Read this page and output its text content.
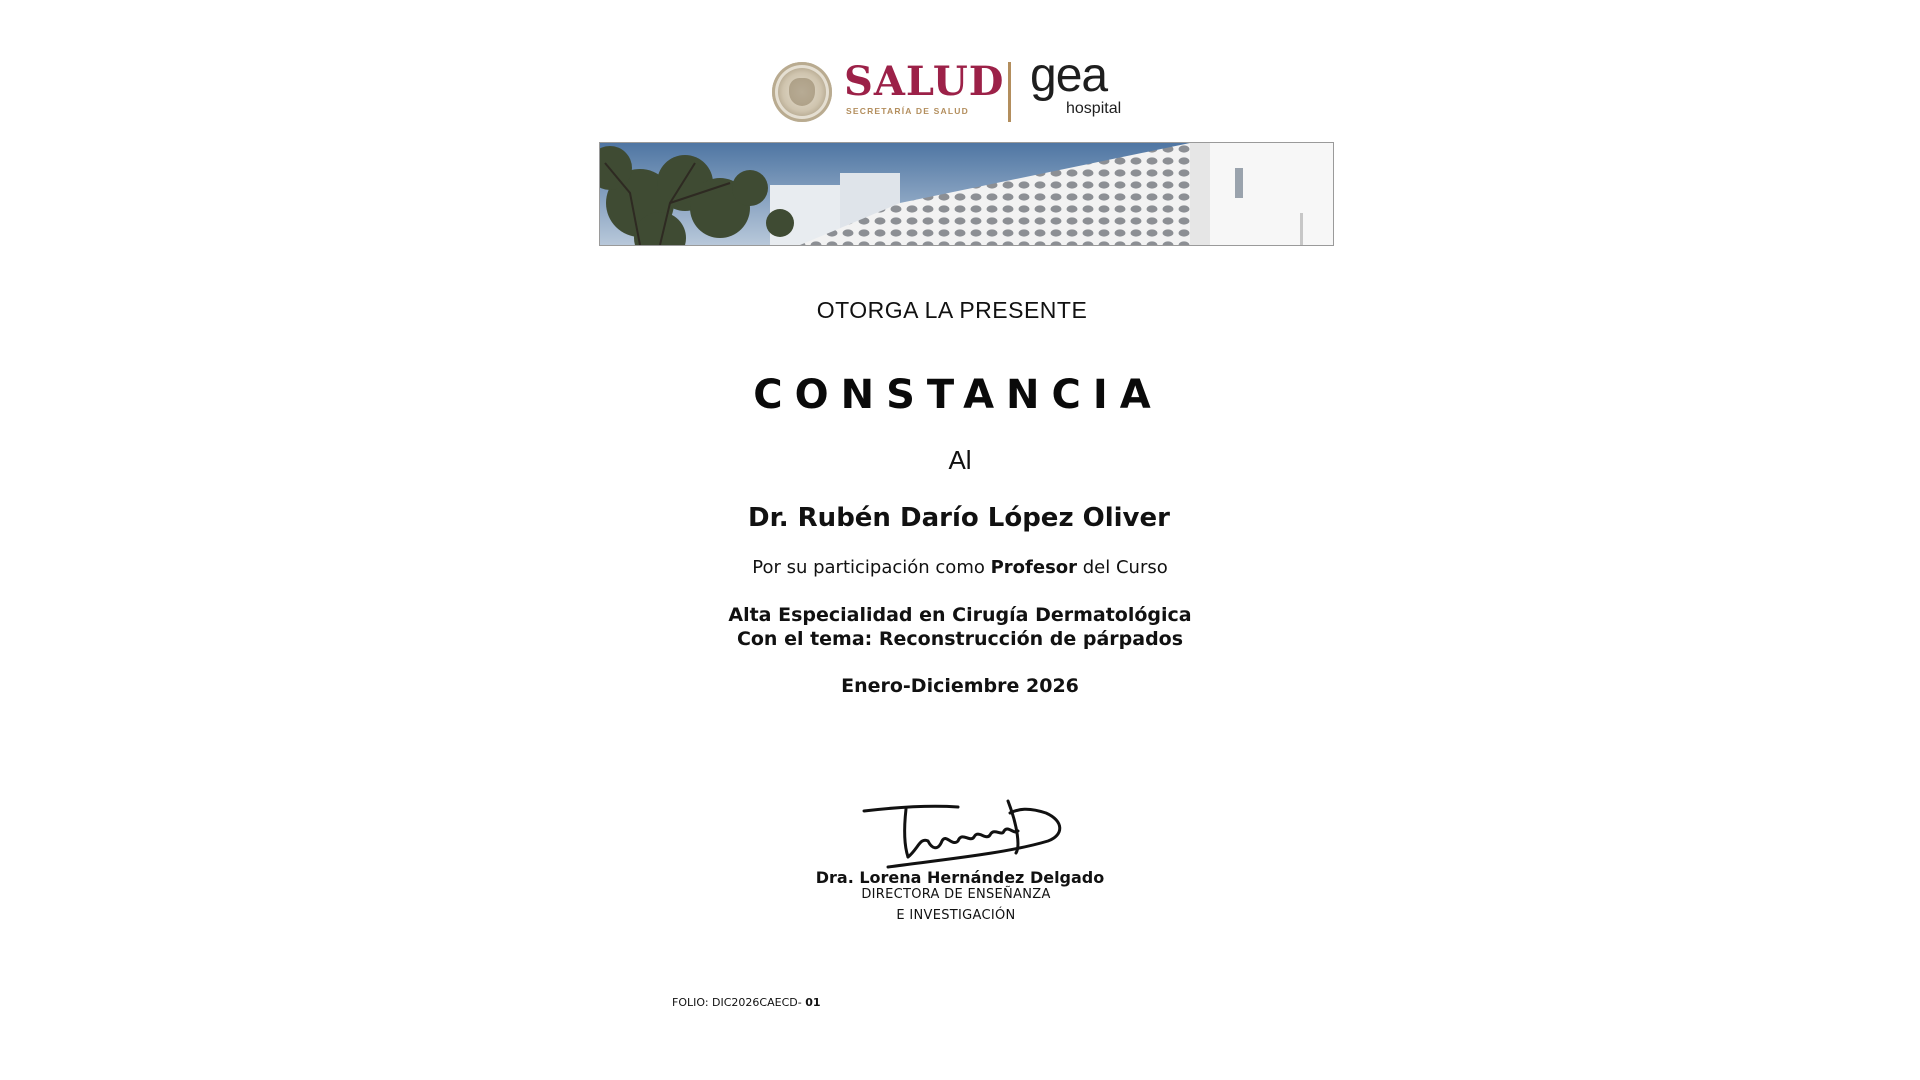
SALUD
SECRETARÍA DE SALUD
gea
hospital
OTORGA LA PRESENTE
CONSTANCIA
Al
Dr. Rubén Darío López Oliver
Por su participación como Profesor del Curso
Alta Especialidad en Cirugía Dermatológica
Con el tema: Reconstrucción de párpados
Enero-Diciembre 2026
Dra. Lorena Hernández Delgado
DIRECTORA DE ENSEÑANZA
E INVESTIGACIÓN
FOLIO: DIC2026CAECD- 01
